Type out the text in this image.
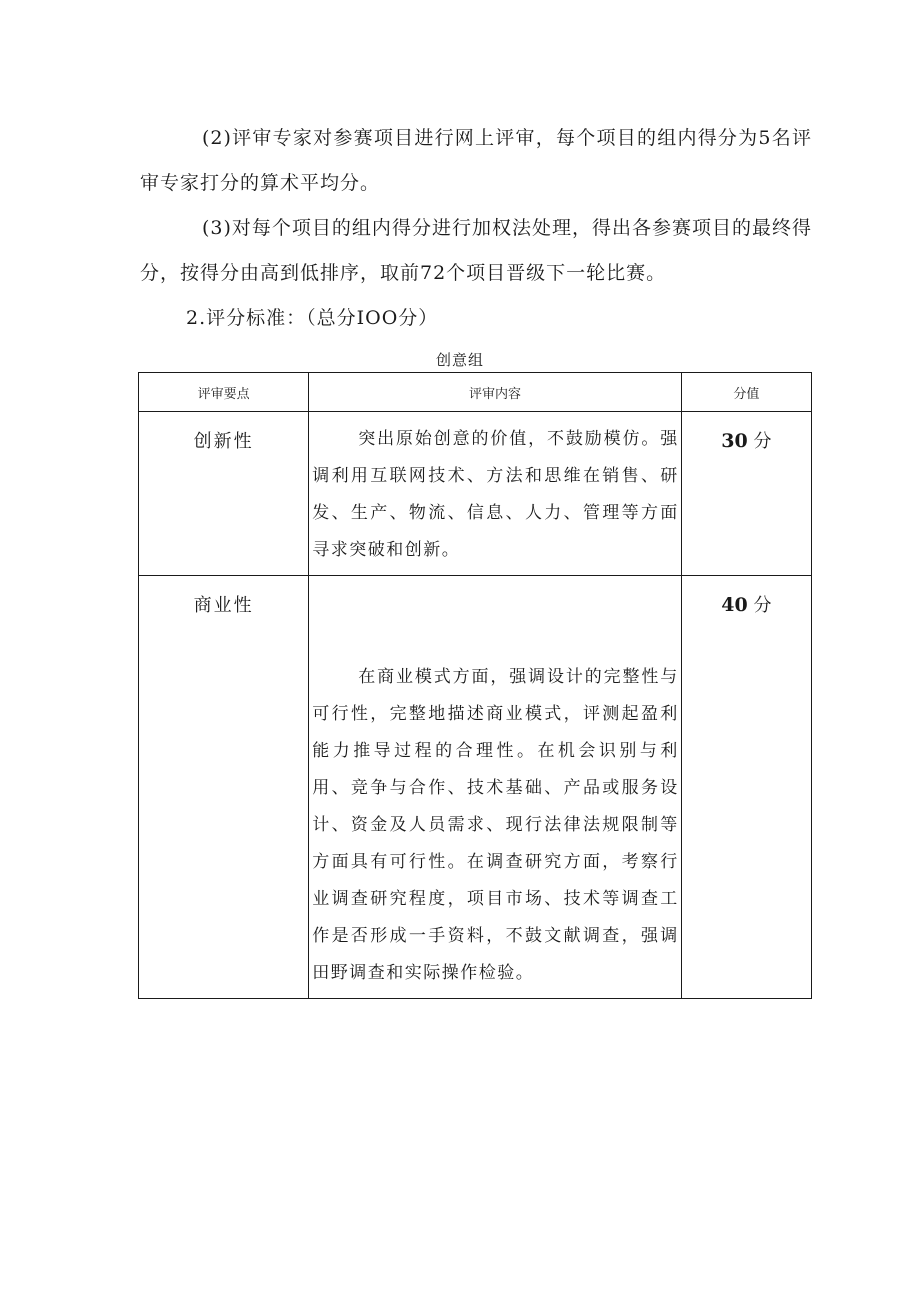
(2)评审专家对参赛项目进行网上评审，每个项目的组内得分为5名评审专家打分的算术平均分。

(3)对每个项目的组内得分进行加权法处理，得出各参赛项目的最终得分，按得分由高到低排序，取前72个项目晋级下一轮比赛。

2.评分标准：（总分IOO分）

创意组
评审要点	评审内容	分值
创新性	突出原始创意的价值，不鼓励模仿。强调利用互联网技术、方法和思维在销售、研发、生产、物流、信息、人力、管理等方面寻求突破和创新。	30 分
商业性	在商业模式方面，强调设计的完整性与可行性，完整地描述商业模式，评测起盈利能力推导过程的合理性。在机会识别与利用、竞争与合作、技术基础、产品或服务设计、资金及人员需求、现行法律法规限制等方面具有可行性。在调查研究方面，考察行业调查研究程度，项目市场、技术等调查工作是否形成一手资料，不鼓文献调查，强调田野调查和实际操作检验。	40 分
